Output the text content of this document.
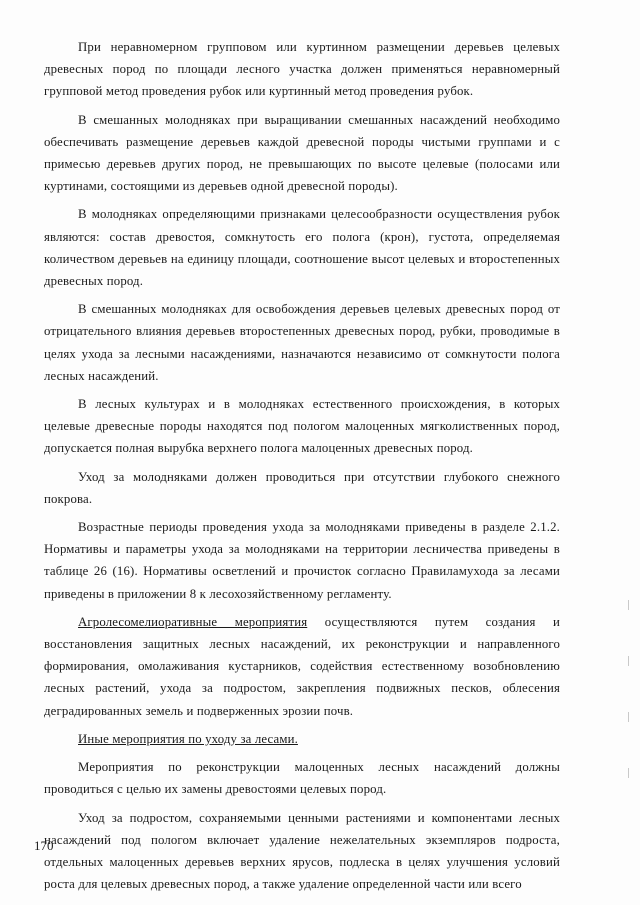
При неравномерном групповом или куртинном размещении деревьев целевых древесных пород по площади лесного участка должен применяться неравномерный групповой метод проведения рубок или куртинный метод проведения рубок.

В смешанных молодняках при выращивании смешанных насаждений необходимо обеспечивать размещение деревьев каждой древесной породы чистыми группами и с примесью деревьев других пород, не превышающих по высоте целевые (полосами или куртинами, состоящими из деревьев одной древесной породы).

В молодняках определяющими признаками целесообразности осуществления рубок являются: состав древостоя, сомкнутость его полога (крон), густота, определяемая количеством деревьев на единицу площади, соотношение высот целевых и второстепенных древесных пород.

В смешанных молодняках для освобождения деревьев целевых древесных пород от отрицательного влияния деревьев второстепенных древесных пород, рубки, проводимые в целях ухода за лесными насаждениями, назначаются независимо от сомкнутости полога лесных насаждений.

В лесных культурах и в молодняках естественного происхождения, в которых целевые древесные породы находятся под пологом малоценных мягколиственных пород, допускается полная вырубка верхнего полога малоценных древесных пород.

Уход за молодняками должен проводиться при отсутствии глубокого снежного покрова.

Возрастные периоды проведения ухода за молодняками приведены в разделе 2.1.2. Нормативы и параметры ухода за молодняками на территории лесничества приведены в таблице 26 (16). Нормативы осветлений и прочисток согласно Правиламухода за лесами приведены в приложении 8 к лесохозяйственному регламенту.

Агролесомелиоративные мероприятия осуществляются путем создания и восстановления защитных лесных насаждений, их реконструкции и направленного формирования, омолаживания кустарников, содействия естественному возобновлению лесных растений, ухода за подростом, закрепления подвижных песков, облесения деградированных земель и подверженных эрозии почв.

Иные мероприятия по уходу за лесами.

Мероприятия по реконструкции малоценных лесных насаждений должны проводиться с целью их замены древостоями целевых пород.

Уход за подростом, сохраняемыми ценными растениями и компонентами лесных насаждений под пологом включает удаление нежелательных экземпляров подроста, отдельных малоценных деревьев верхних ярусов, подлеска в целях улучшения условий роста для целевых древесных пород, а также удаление определенной части или всего

170
